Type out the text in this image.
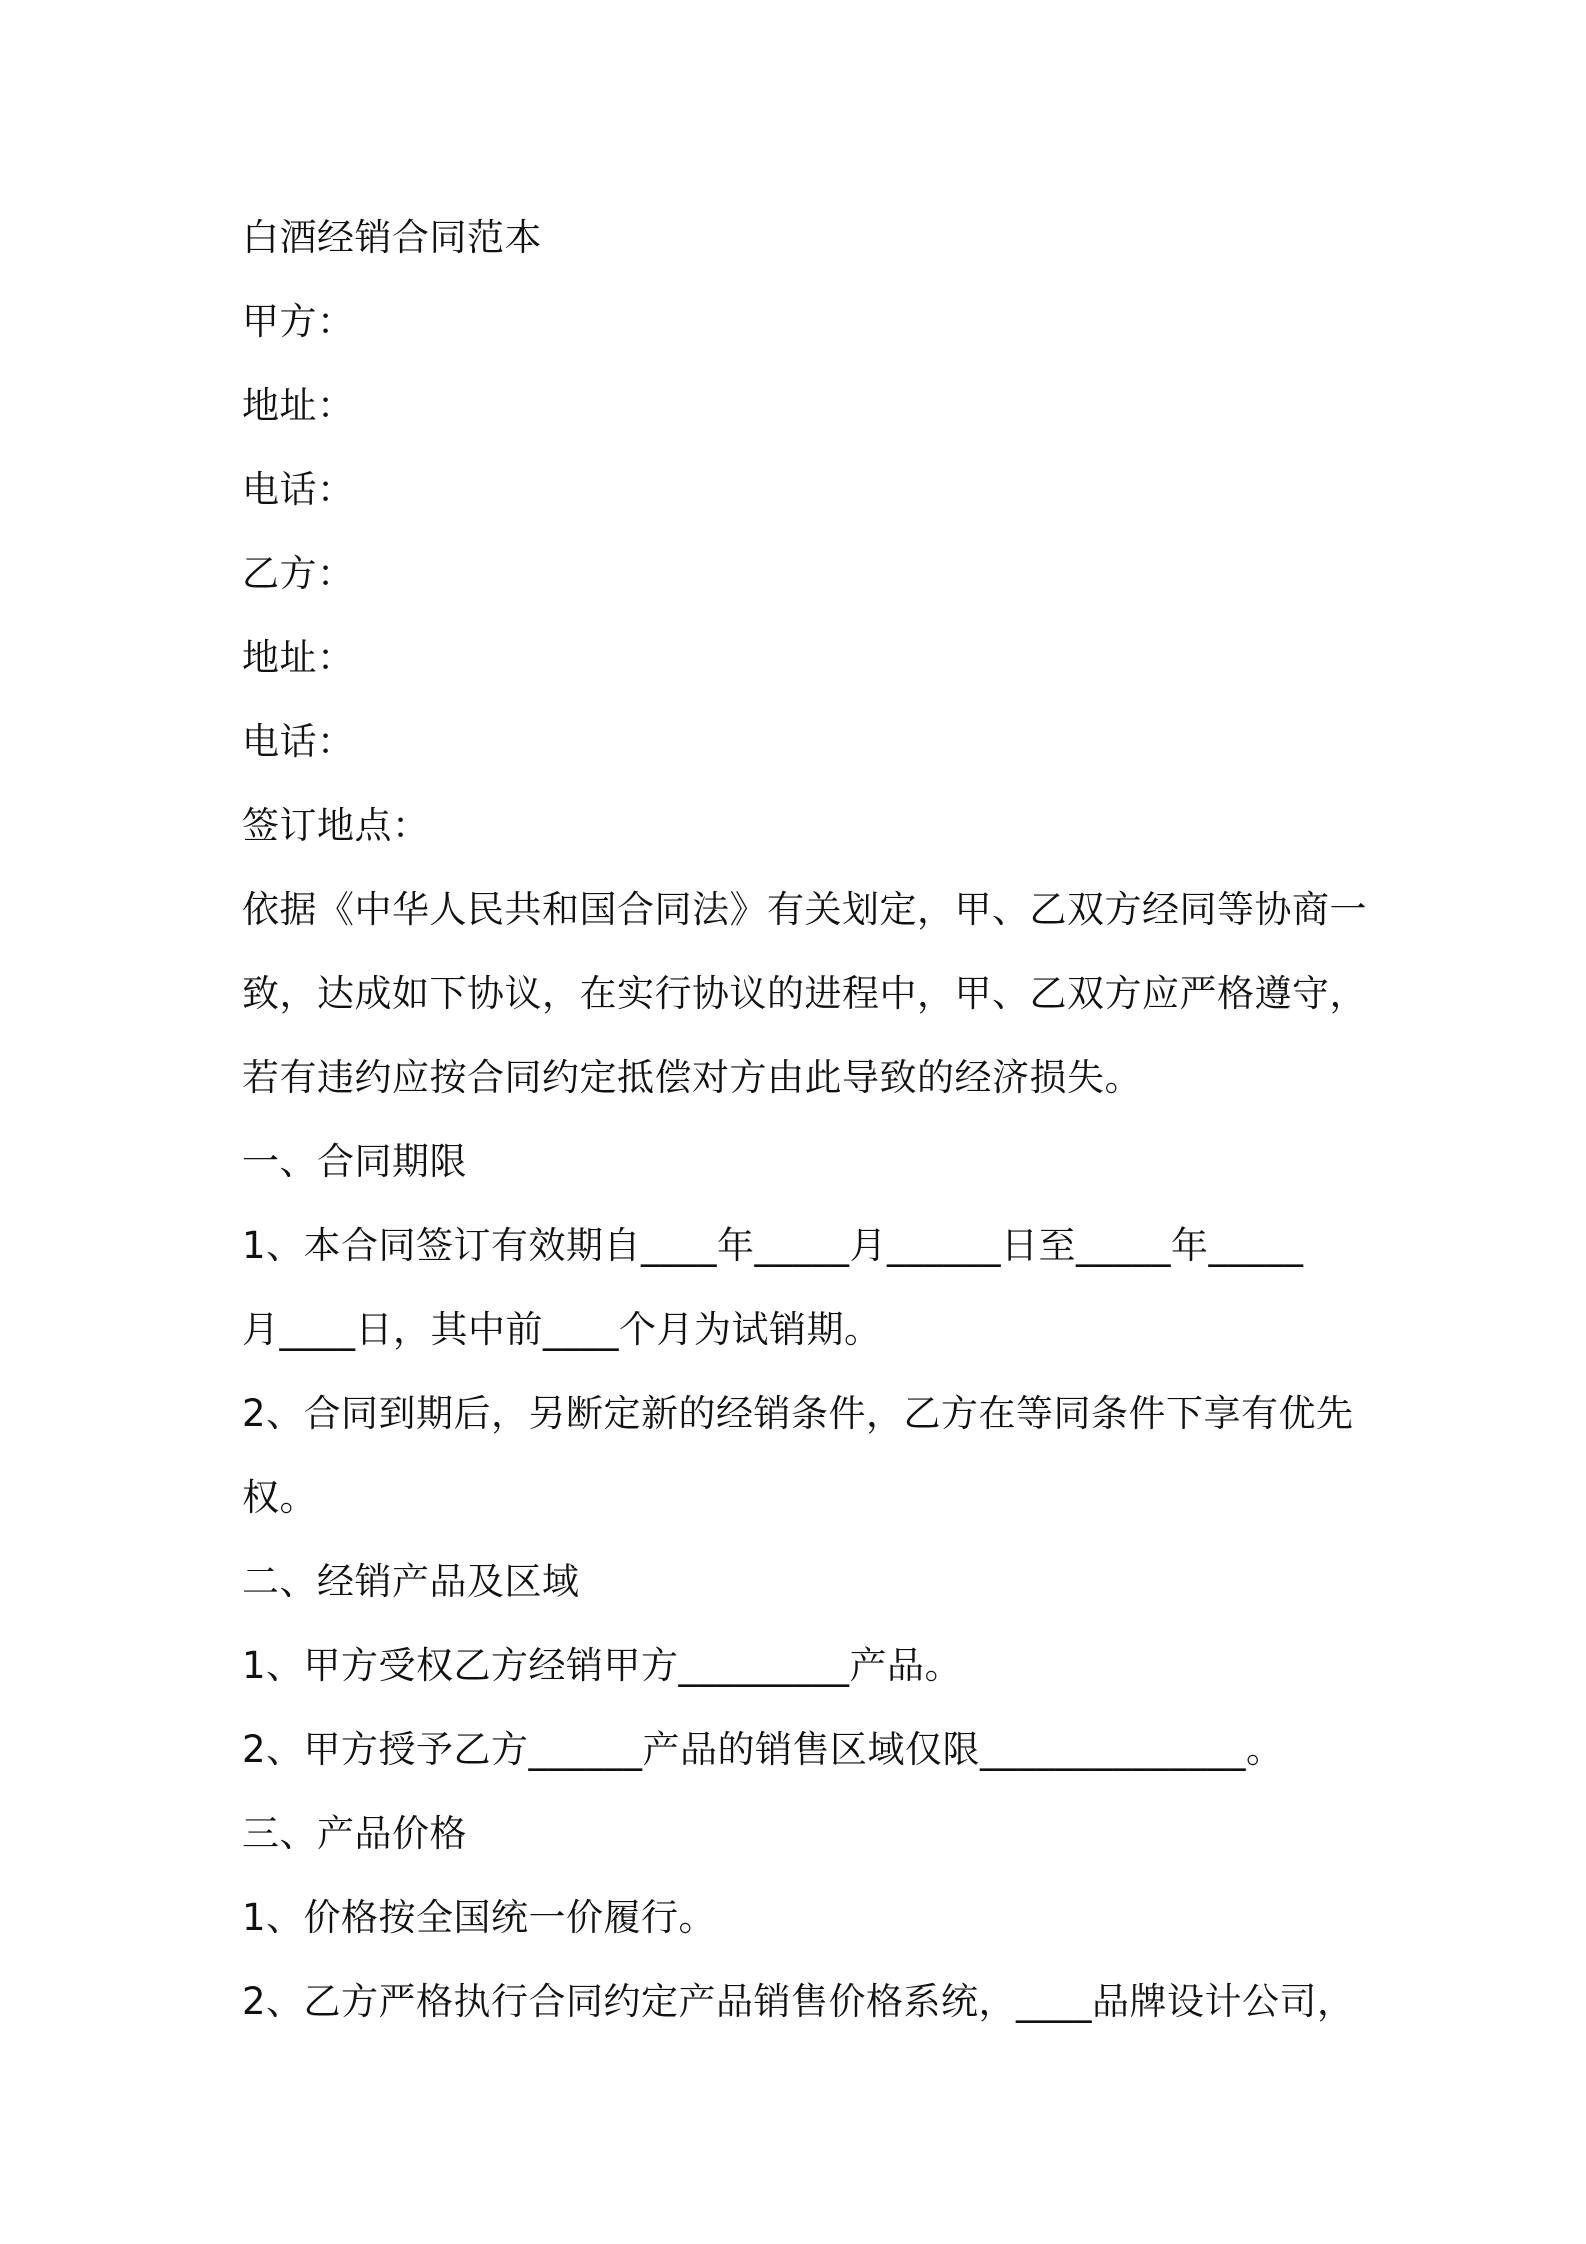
白酒经销合同范本
甲方：
地址：
电话：
乙方：
地址：
电话：
签订地点：
依据《中华人民共和国合同法》有关划定，甲、乙双方经同等协商一
致，达成如下协议，在实行协议的进程中，甲、乙双方应严格遵守，
若有违约应按合同约定抵偿对方由此导致的经济损失。
一、合同期限
1、本合同签订有效期自____年_____月______日至_____年_____
月____日，其中前____个月为试销期。
2、合同到期后，另断定新的经销条件，乙方在等同条件下享有优先
权。
二、经销产品及区域
1、甲方受权乙方经销甲方_________产品。
2、甲方授予乙方______产品的销售区域仅限______________。
三、产品价格
1、价格按全国统一价履行。
2、乙方严格执行合同约定产品销售价格系统，____品牌设计公司，
